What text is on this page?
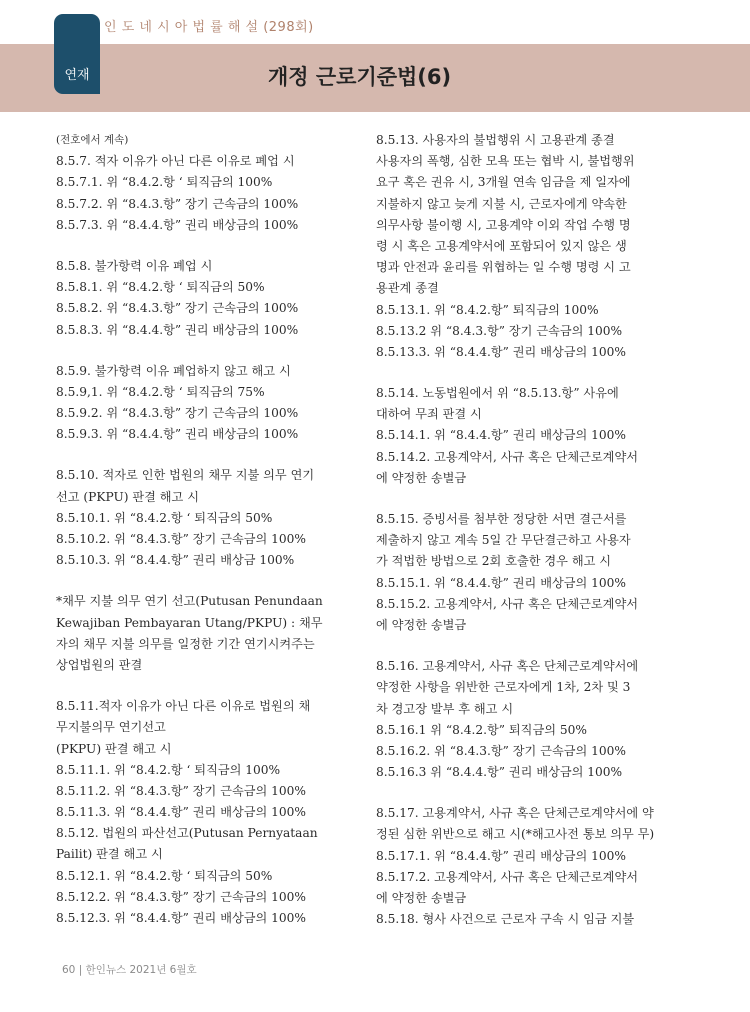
인 도 네 시 아 법 률 해 설 (298회)
연재	개정 근로기준법(6)
(전호에서 계속)
8.5.7. 적자 이유가 아닌 다른 이유로 폐업 시
8.5.7.1. 위 “8.4.2.항 ‘ 퇴직금의 100%
8.5.7.2. 위 “8.4.3.항” 장기 근속금의 100%
8.5.7.3. 위 “8.4.4.항” 권리 배상금의 100%
8.5.8. 불가항력 이유 폐업 시
8.5.8.1. 위 “8.4.2.항 ‘ 퇴직금의 50%
8.5.8.2. 위 “8.4.3.항” 장기 근속금의 100%
8.5.8.3. 위 “8.4.4.항” 권리 배상금의 100%
8.5.9. 불가항력 이유 폐업하지 않고 해고 시
8.5.9,1. 위 “8.4.2.항 ‘ 퇴직금의 75%
8.5.9.2. 위 “8.4.3.항” 장기 근속금의 100%
8.5.9.3. 위 “8.4.4.항” 권리 배상금의 100%
8.5.10. 적자로 인한 법원의 채무 지불 의무 연기
선고 (PKPU) 판결 해고 시
8.5.10.1. 위 “8.4.2.항 ‘ 퇴직금의 50%
8.5.10.2. 위 “8.4.3.항” 장기 근속금의 100%
8.5.10.3. 위 “8.4.4.항” 권리 배상금 100%
*채무 지불 의무 연기 선고(Putusan Penundaan
Kewajiban Pembayaran Utang/PKPU) : 채무
자의 채무 지불 의무를 일정한 기간 연기시켜주는
상업법원의 판결
8.5.11.적자 이유가 아닌 다른 이유로 법원의 채
무지불의무 연기선고
(PKPU) 판결 해고 시
8.5.11.1. 위 “8.4.2.항 ‘ 퇴직금의 100%
8.5.11.2. 위 “8.4.3.항” 장기 근속금의 100%
8.5.11.3. 위 “8.4.4.항” 권리 배상금의 100%
8.5.12. 법원의 파산선고(Putusan Pernyataan
Pailit) 판결 해고 시
8.5.12.1. 위 “8.4.2.항 ‘ 퇴직금의 50%
8.5.12.2. 위 “8.4.3.항” 장기 근속금의 100%
8.5.12.3. 위 “8.4.4.항” 권리 배상금의 100%
8.5.13. 사용자의 불법행위 시 고용관계 종결
사용자의 폭행, 심한 모욕 또는 협박 시, 불법행위
요구 혹은 권유 시, 3개월 연속 임금을 제 일자에
지불하지 않고 늦게 지불 시, 근로자에게 약속한
의무사항 불이행 시, 고용계약 이외 작업 수행 명
령 시 혹은 고용계약서에 포함되어 있지 않은 생
명과 안전과 윤리를 위협하는 일 수행 명령 시 고
용관계 종결
8.5.13.1. 위 “8.4.2.항” 퇴직금의 100%
8.5.13.2 위 “8.4.3.항” 장기 근속금의 100%
8.5.13.3. 위 “8.4.4.항” 권리 배상금의 100%
8.5.14. 노동법원에서 위 “8.5.13.항” 사유에
대하여 무죄 판결 시
8.5.14.1. 위 “8.4.4.항” 권리 배상금의 100%
8.5.14.2. 고용계약서, 사규 혹은 단체근로계약서
에 약정한 송별금
8.5.15. 증빙서를 첨부한 정당한 서면 결근서를
제출하지 않고 계속 5일 간 무단결근하고 사용자
가 적법한 방법으로 2회 호출한 경우 해고 시
8.5.15.1. 위 “8.4.4.항” 권리 배상금의 100%
8.5.15.2. 고용계약서, 사규 혹은 단체근로계약서
에 약정한 송별금
8.5.16. 고용계약서, 사규 혹은 단체근로계약서에
약정한 사항을 위반한 근로자에게 1차, 2차 및 3
차 경고장 발부 후 해고 시
8.5.16.1 위 “8.4.2.항” 퇴직금의 50%
8.5.16.2. 위 “8.4.3.항” 장기 근속금의 100%
8.5.16.3 위 “8.4.4.항” 권리 배상금의 100%
8.5.17. 고용계약서, 사규 혹은 단체근로계약서에 약
정된 심한 위반으로 해고 시(*해고사전 통보 의무 무)
8.5.17.1. 위 “8.4.4.항” 권리 배상금의 100%
8.5.17.2. 고용계약서, 사규 혹은 단체근로계약서
에 약정한 송별금
8.5.18. 형사 사건으로 근로자 구속 시 임금 지불
60 | 한인뉴스 2021년 6월호
